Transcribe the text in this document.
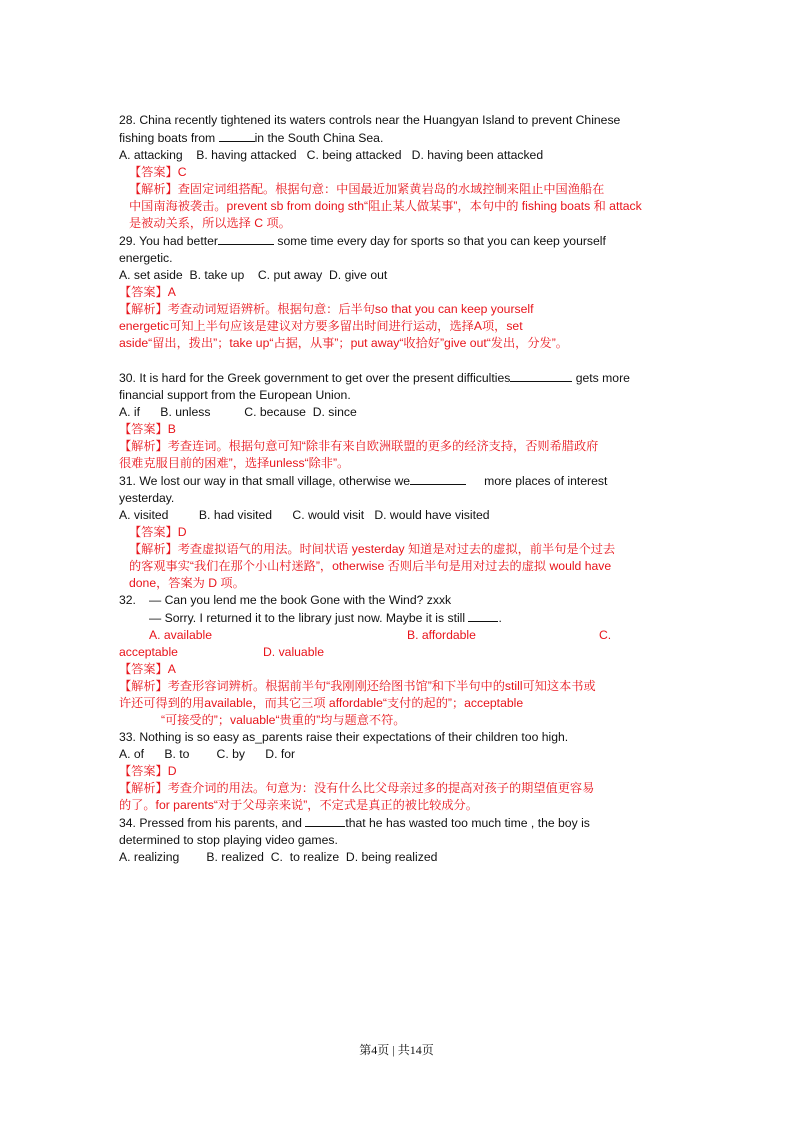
28. China recently tightened its waters controls near the Huangyan Island to prevent Chinese

fishing boats from	in the South China Sea.

A. attacking    B. having attacked   C. being attacked   D. having been attacked

【答案】C

【解析】查固定词组搭配。根据句意：中国最近加紧黄岩岛的水域控制来阻止中国渔船在

中国南海被袭击。prevent sb from doing sth“阻止某人做某事”，本句中的 fishing boats 和 attack

是被动关系，所以选择 C 项。

29. You had better	some time every day for sports so that you can keep yourself

energetic.

A. set aside  B. take up    C. put away  D. give out

【答案】A

【解析】考查动词短语辨析。根据句意：后半句so that you can keep yourself

energetic可知上半句应该是建议对方要多留出时间进行运动，选择A项，set

aside“留出，拨出”；take up“占据，从事”；put away“收拾好”give out“发出，分发”。

30. It is hard for the Greek government to get over the present difficulties	gets more

financial support from the European Union.

A. if      B. unless          C. because  D. since

【答案】B

【解析】考查连词。根据句意可知“除非有来自欧洲联盟的更多的经济支持，否则希腊政府

很难克服目前的困难”，选择unless“除非”。

31. We lost our way in that small village, otherwise we	more places of interest

yesterday.

A. visited         B. had visited      C. would visit   D. would have visited

【答案】D

【解析】考查虚拟语气的用法。时间状语 yesterday 知道是对过去的虚拟，前半句是个过去

的客观事实“我们在那个小山村迷路”，otherwise 否则后半句是用对过去的虚拟 would have

done，答案为 D 项。

32. — Can you lend me the book Gone with the Wind? zxxk

— Sorry. I returned it to the library just now. Maybe it is still	.

A. available	B. affordable	C.
acceptable	D. valuable

【答案】A

【解析】考查形容词辨析。根据前半句“我刚刚还给图书馆”和下半句中的still可知这本书或

许还可得到的用available，而其它三项 affordable“支付的起的”；acceptable

“可接受的”；valuable“贵重的”均与题意不符。

33. Nothing is so easy as_parents raise their expectations of their children too high.

A. of      B. to        C. by      D. for

【答案】D

【解析】考查介词的用法。句意为：没有什么比父母亲过多的提高对孩子的期望值更容易

的了。for parents“对于父母亲来说”，不定式是真正的被比较成分。

34. Pressed from his parents, and	that he has wasted too much time , the boy is

determined to stop playing video games.

A. realizing        B. realized  C.  to realize  D. being realized

第4页 | 共14页
